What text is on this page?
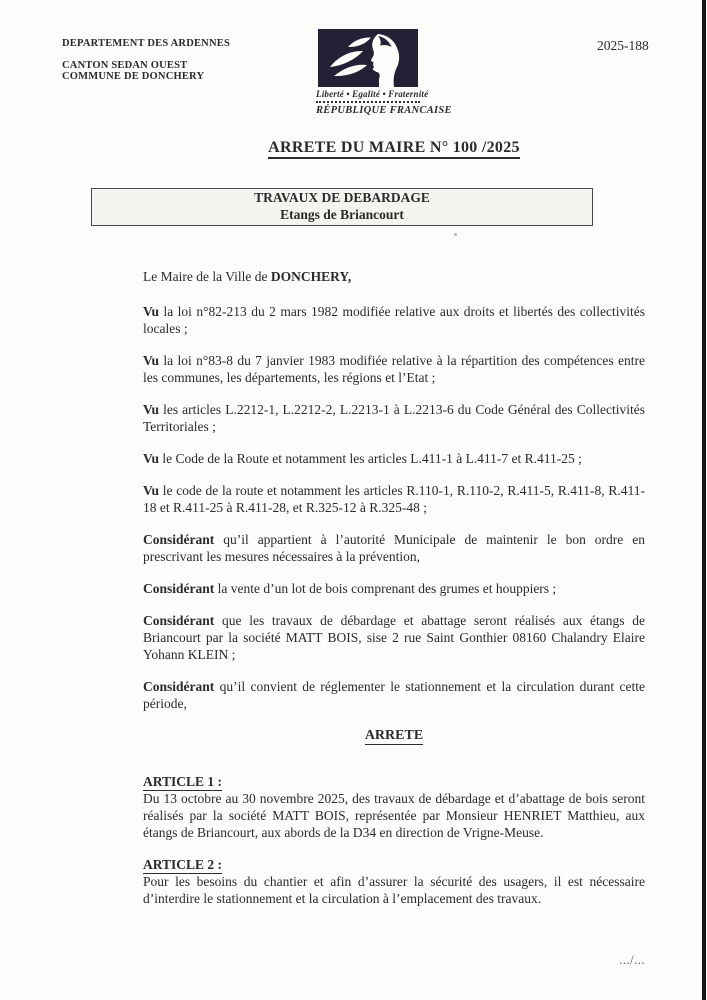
DEPARTEMENT DES ARDENNES
CANTON SEDAN OUEST
COMMUNE DE DONCHERY
Liberté • Egalité • Fraternité
RÉPUBLIQUE FRANCAISE
2025-188
ARRETE DU MAIRE N° 100 /2025
TRAVAUX DE DEBARDAGE
Etangs de Briancourt

Le Maire de la Ville de DONCHERY,

Vu la loi n°82-213 du 2 mars 1982 modifiée relative aux droits et libertés des collectivités locales ;

Vu la loi n°83-8 du 7 janvier 1983 modifiée relative à la répartition des compétences entre les communes, les départements, les régions et l’Etat ;

Vu les articles L.2212-1, L.2212-2, L.2213-1 à L.2213-6 du Code Général des Collectivités Territoriales ;

Vu le Code de la Route et notamment les articles L.411-1 à L.411-7 et R.411-25 ;

Vu le code de la route et notamment les articles R.110-1, R.110-2, R.411-5, R.411-8, R.411-18 et R.411-25 à R.411-28, et R.325-12 à R.325-48 ;

Considérant qu’il appartient à l’autorité Municipale de maintenir le bon ordre en prescrivant les mesures nécessaires à la prévention,

Considérant la vente d’un lot de bois comprenant des grumes et houppiers ;

Considérant que les travaux de débardage et abattage seront réalisés aux étangs de Briancourt par la société MATT BOIS, sise 2 rue Saint Gonthier 08160 Chalandry Elaire Yohann KLEIN ;

Considérant qu’il convient de réglementer le stationnement et la circulation durant cette période,

ARRETE
ARTICLE 1 :

Du 13 octobre au 30 novembre 2025, des travaux de débardage et d’abattage de bois seront réalisés par la société MATT BOIS, représentée par Monsieur HENRIET Matthieu, aux étangs de Briancourt, aux abords de la D34 en direction de Vrigne-Meuse.

ARTICLE 2 :

Pour les besoins du chantier et afin d’assurer la sécurité des usagers, il est nécessaire d’interdire le stationnement et la circulation à l’emplacement des travaux.

.../...
